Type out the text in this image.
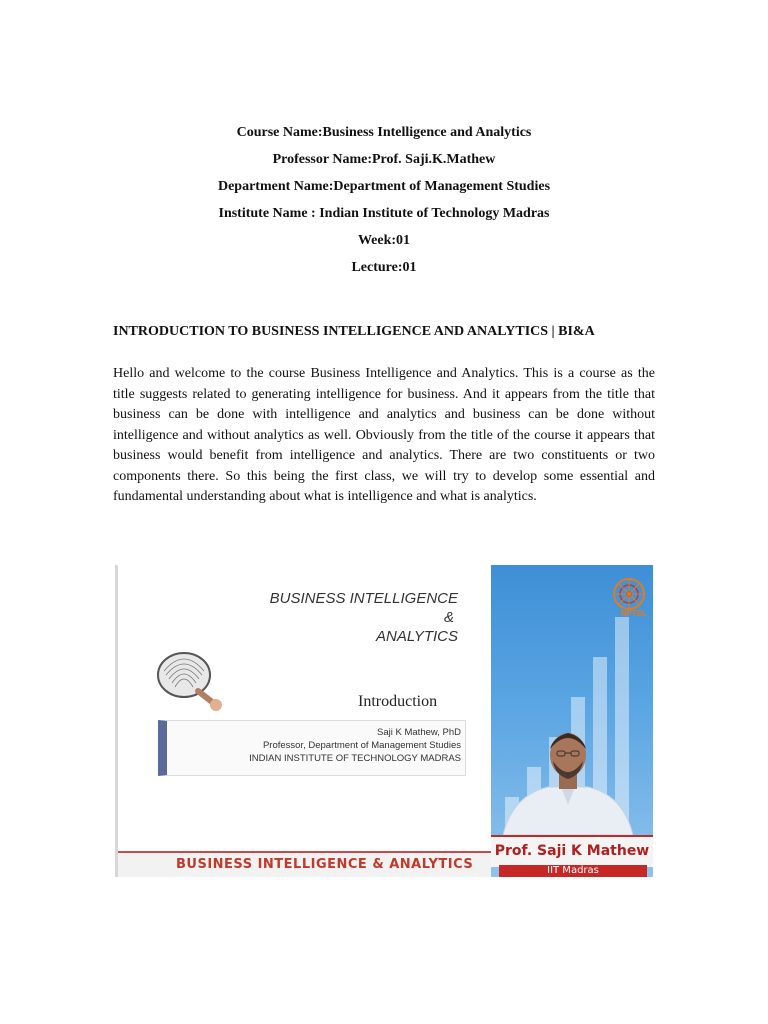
Course Name:Business Intelligence and Analytics
Professor Name:Prof. Saji.K.Mathew
Department Name:Department of Management Studies
Institute Name : Indian Institute of Technology Madras
Week:01
Lecture:01
INTRODUCTION TO BUSINESS INTELLIGENCE AND ANALYTICS | BI&A
Hello and welcome to the course Business Intelligence and Analytics. This is a course as the title suggests related to generating intelligence for business. And it appears from the title that business can be done with intelligence and analytics and business can be done without intelligence and without analytics as well. Obviously from the title of the course it appears that business would benefit from intelligence and analytics. There are two constituents or two components there. So this being the first class, we will try to develop some essential and fundamental understanding about what is intelligence and what is analytics.
BUSINESS INTELLIGENCE
&
ANALYTICS
Introduction
Saji K Mathew, PhD
Professor, Department of Management Studies
INDIAN INSTITUTE OF TECHNOLOGY MADRAS
BUSINESS INTELLIGENCE & ANALYTICS
NPTEL
Prof. Saji K Mathew
IIT Madras
